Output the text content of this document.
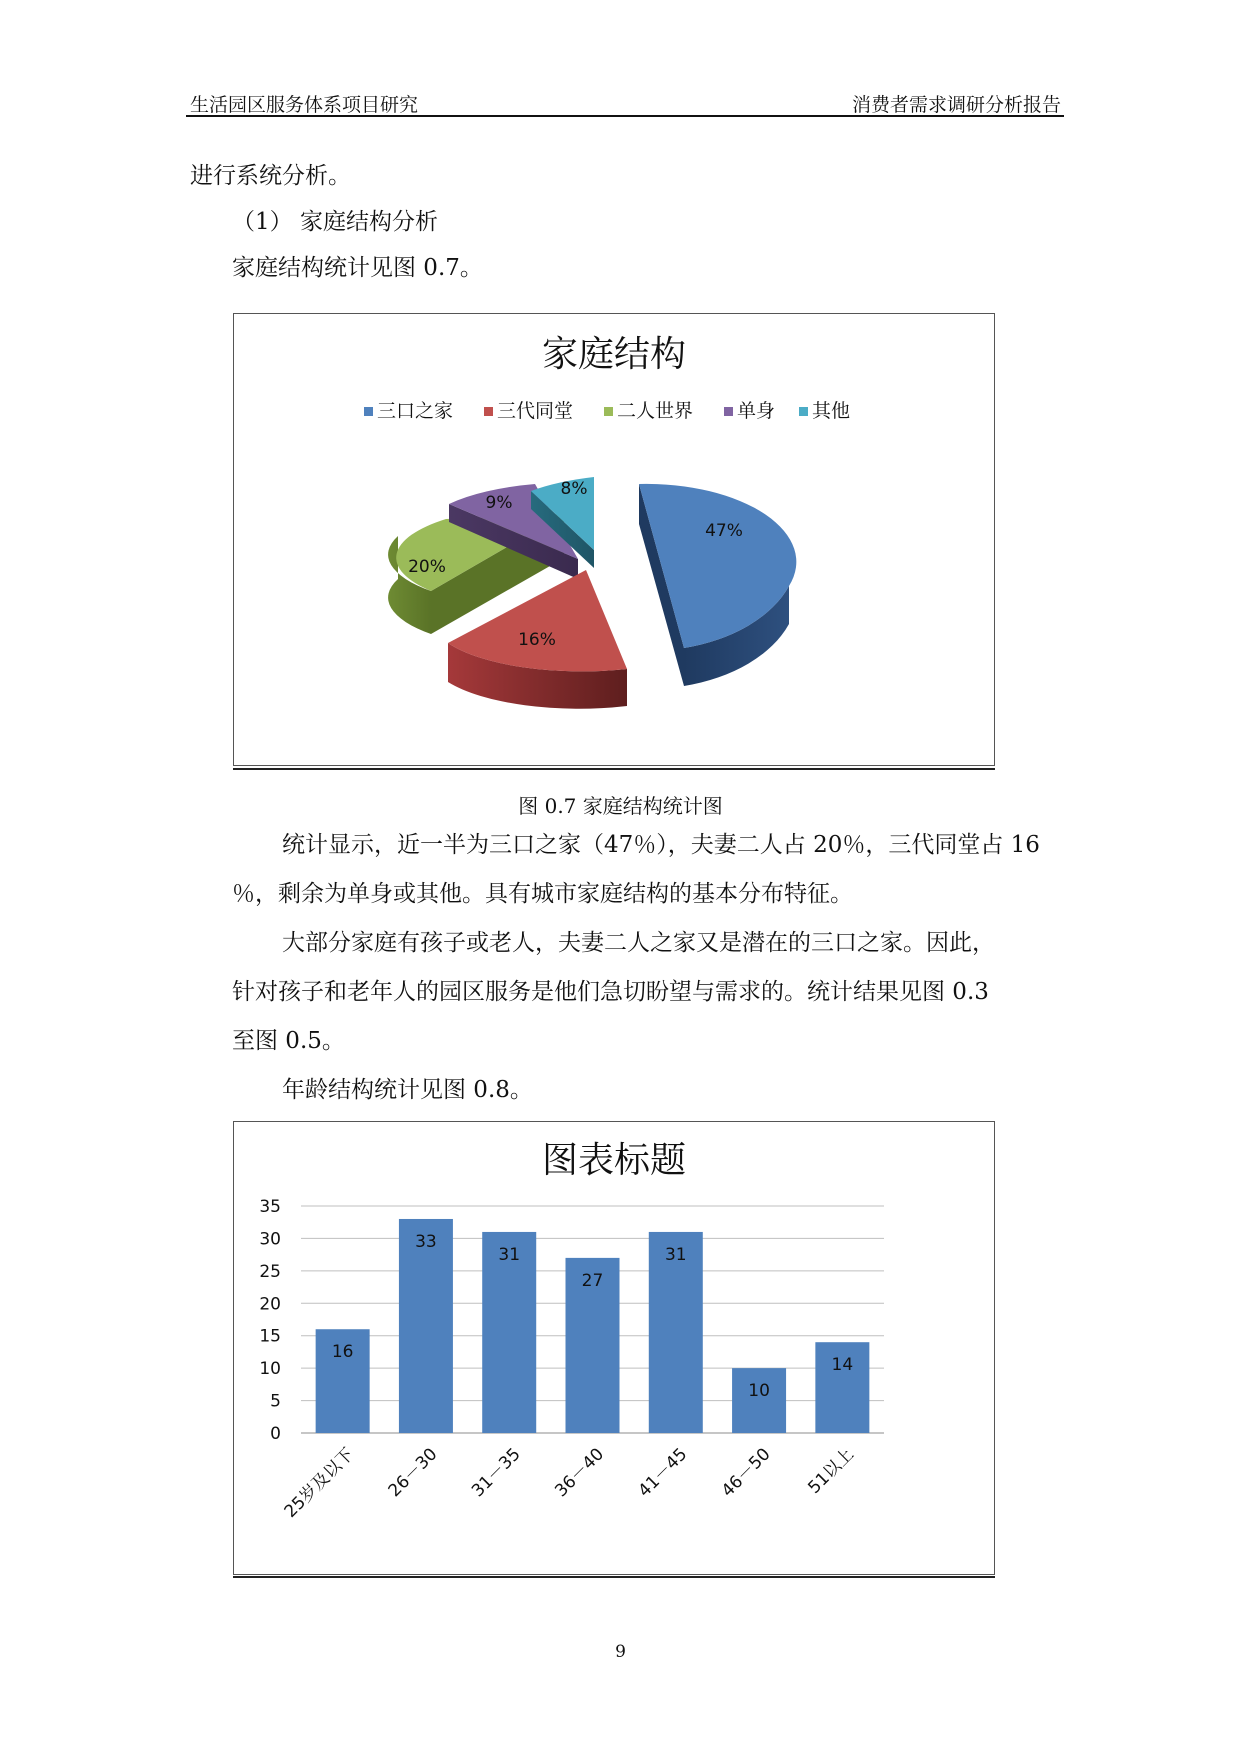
生活园区服务体系项目研究	消费者需求调研分析报告
进行系统分析。
（1） 家庭结构分析
家庭结构统计见图 0.7。
家庭结构
三口之家 三代同堂 二人世界 单身 其他
47%
16%
20%
9%
8%
图 0.7 家庭结构统计图
统计显示，近一半为三口之家（47％），夫妻二人占 20％，三代同堂占 16
％，剩余为单身或其他。具有城市家庭结构的基本分布特征。
大部分家庭有孩子或老人，夫妻二人之家又是潜在的三口之家。因此，
针对孩子和老年人的园区服务是他们急切盼望与需求的。统计结果见图 0.3
至图 0.5。
年龄结构统计见图 0.8。
图表标题
0
5
10
15
20
25
30
35
16
33
31
27
31
10
14
25岁及以下 26－30 31－35 36－40 41－45 46－50 51以上
9
